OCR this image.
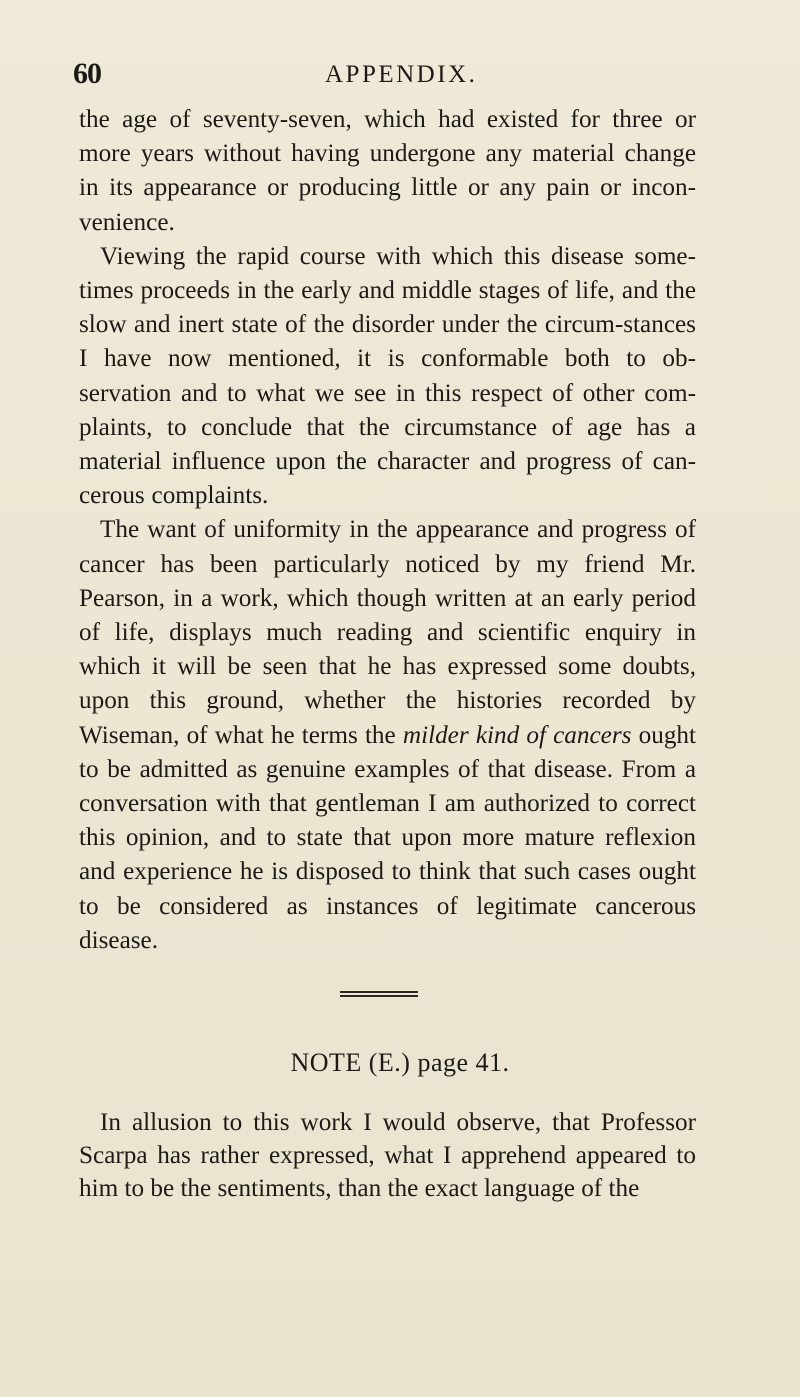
60	APPENDIX.

the age of seventy-seven, which had existed for three or more years without having undergone any material change in its appearance or producing little or any pain or incon-venience.

Viewing the rapid course with which this disease some-times proceeds in the early and middle stages of life, and the slow and inert state of the disorder under the circum-stances I have now mentioned, it is conformable both to ob-servation and to what we see in this respect of other com-plaints, to conclude that the circumstance of age has a material influence upon the character and progress of can-cerous complaints.

The want of uniformity in the appearance and progress of cancer has been particularly noticed by my friend Mr. Pearson, in a work, which though written at an early period of life, displays much reading and scientific enquiry in which it will be seen that he has expressed some doubts, upon this ground, whether the histories recorded by Wiseman, of what he terms the milder kind of cancers ought to be admitted as genuine examples of that disease. From a conversation with that gentleman I am authorized to correct this opinion, and to state that upon more mature reflexion and experience he is disposed to think that such cases ought to be considered as instances of legitimate cancerous disease.

NOTE (E.) page 41.

In allusion to this work I would observe, that Professor Scarpa has rather expressed, what I apprehend appeared to him to be the sentiments, than the exact language of the
